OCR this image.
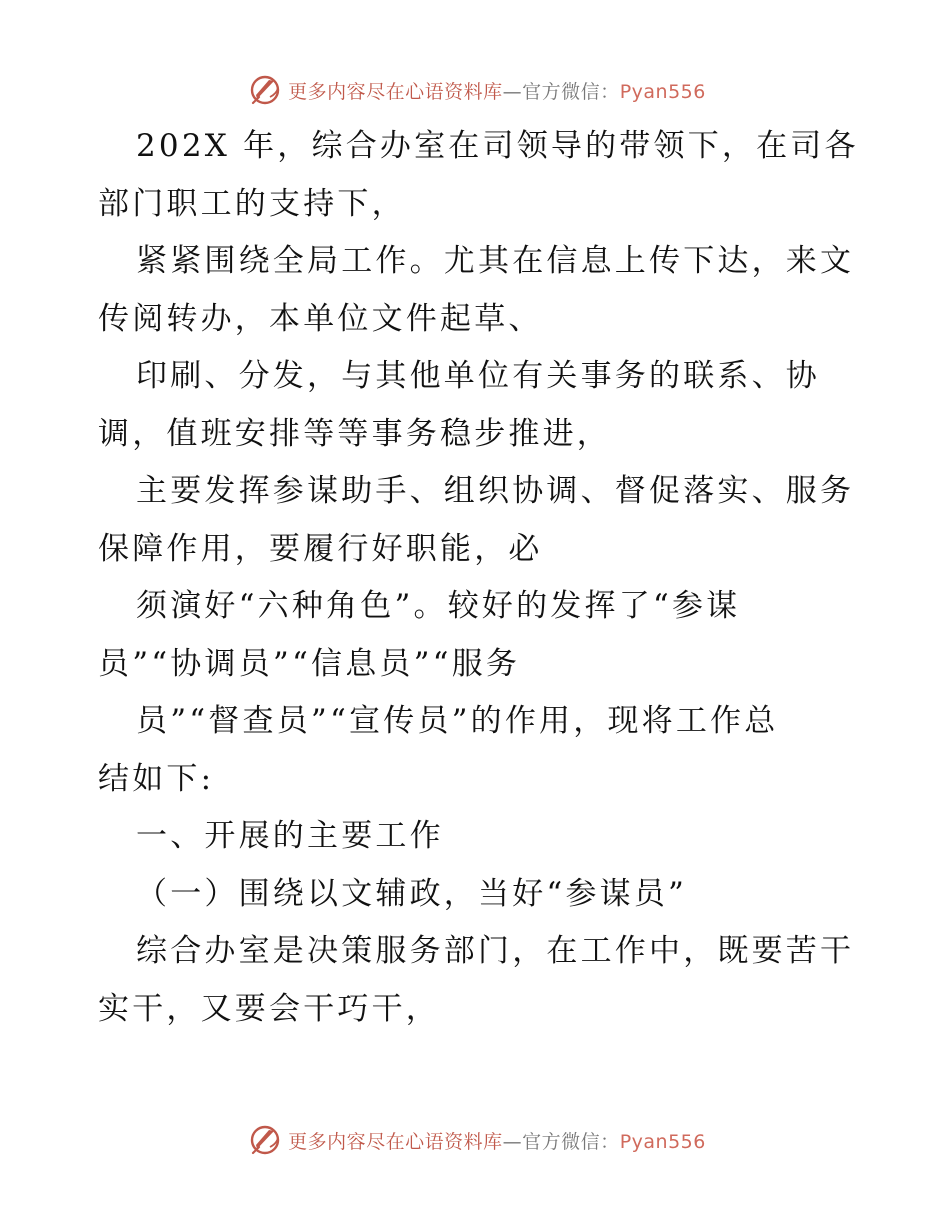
更多内容尽在心语资料库—官方微信：Pyan556
202X 年，综合办室在司领导的带领下，在司各
部门职工的支持下，
紧紧围绕全局工作。尤其在信息上传下达，来文
传阅转办，本单位文件起草、
印刷、分发，与其他单位有关事务的联系、协
调，值班安排等等事务稳步推进，
主要发挥参谋助手、组织协调、督促落实、服务
保障作用，要履行好职能，必
须演好“六种角色”。较好的发挥了“参谋
员”“协调员”“信息员”“服务
员”“督查员”“宣传员”的作用，现将工作总
结如下:
一、开展的主要工作
（一）围绕以文辅政，当好“参谋员”
综合办室是决策服务部门，在工作中，既要苦干
实干，又要会干巧干，
更多内容尽在心语资料库—官方微信：Pyan556
